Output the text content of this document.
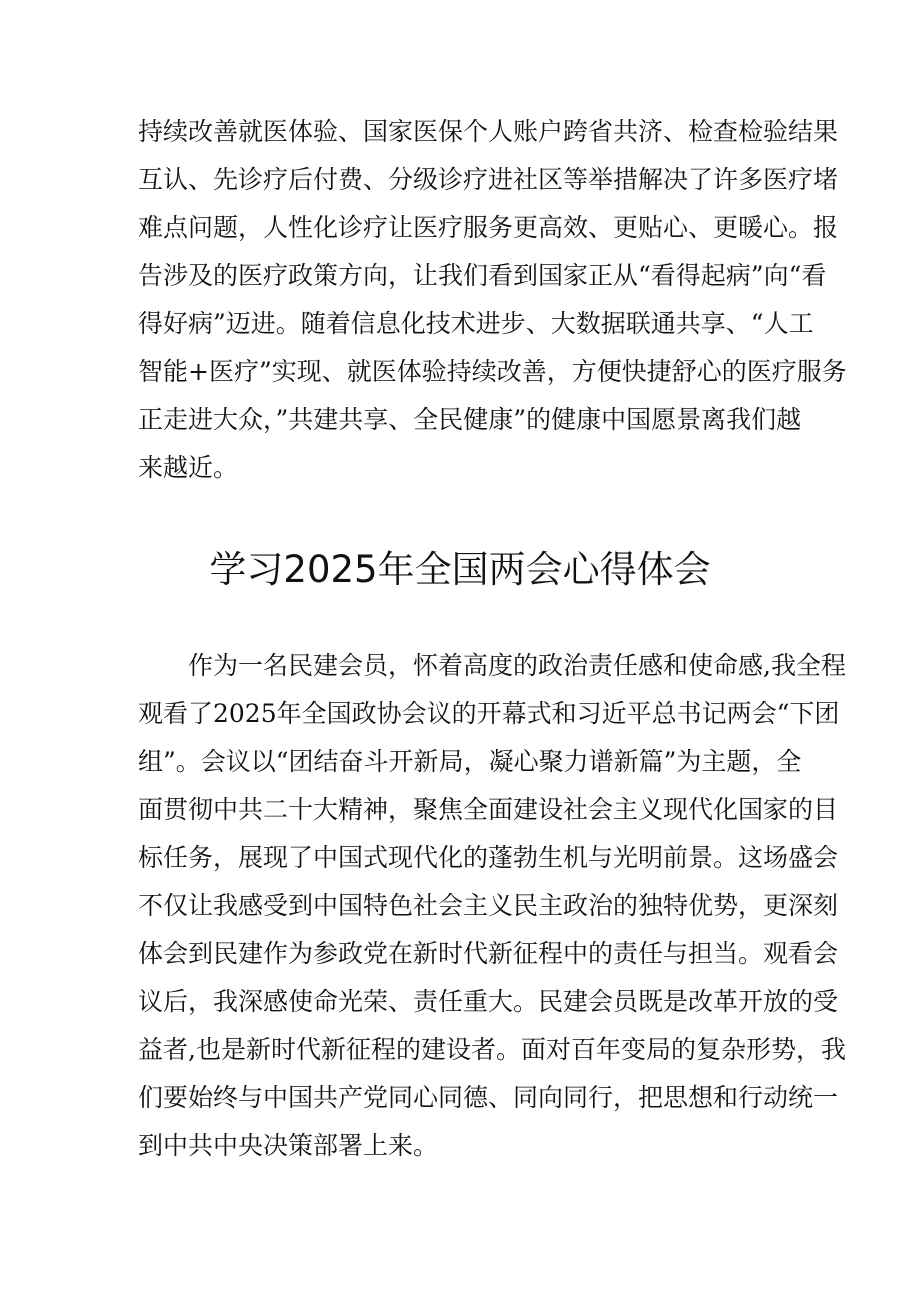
持续改善就医体验、国家医保个人账户跨省共济、检查检验结果
互认、先诊疗后付费、分级诊疗进社区等举措解决了许多医疗堵
难点问题，人性化诊疗让医疗服务更高效、更贴心、更暖心。报
告涉及的医疗政策方向，让我们看到国家正从“看得起病”向“看
得好病”迈进。随着信息化技术进步、大数据联通共享、“人工
智能+医疗”实现、就医体验持续改善，方便快捷舒心的医疗服务
正走进大众，”共建共享、全民健康”的健康中国愿景离我们越
来越近。

学习2025年全国两会心得体会

　　作为一名民建会员，怀着高度的政治责任感和使命感,我全程
观看了2025年全国政协会议的开幕式和习近平总书记两会“下团
组”。会议以“团结奋斗开新局，凝心聚力谱新篇”为主题，全
面贯彻中共二十大精神，聚焦全面建设社会主义现代化国家的目
标任务，展现了中国式现代化的蓬勃生机与光明前景。这场盛会
不仅让我感受到中国特色社会主义民主政治的独特优势，更深刻
体会到民建作为参政党在新时代新征程中的责任与担当。观看会
议后，我深感使命光荣、责任重大。民建会员既是改革开放的受
益者,也是新时代新征程的建设者。面对百年变局的复杂形势，我
们要始终与中国共产党同心同德、同向同行，把思想和行动统一
到中共中央决策部署上来。
